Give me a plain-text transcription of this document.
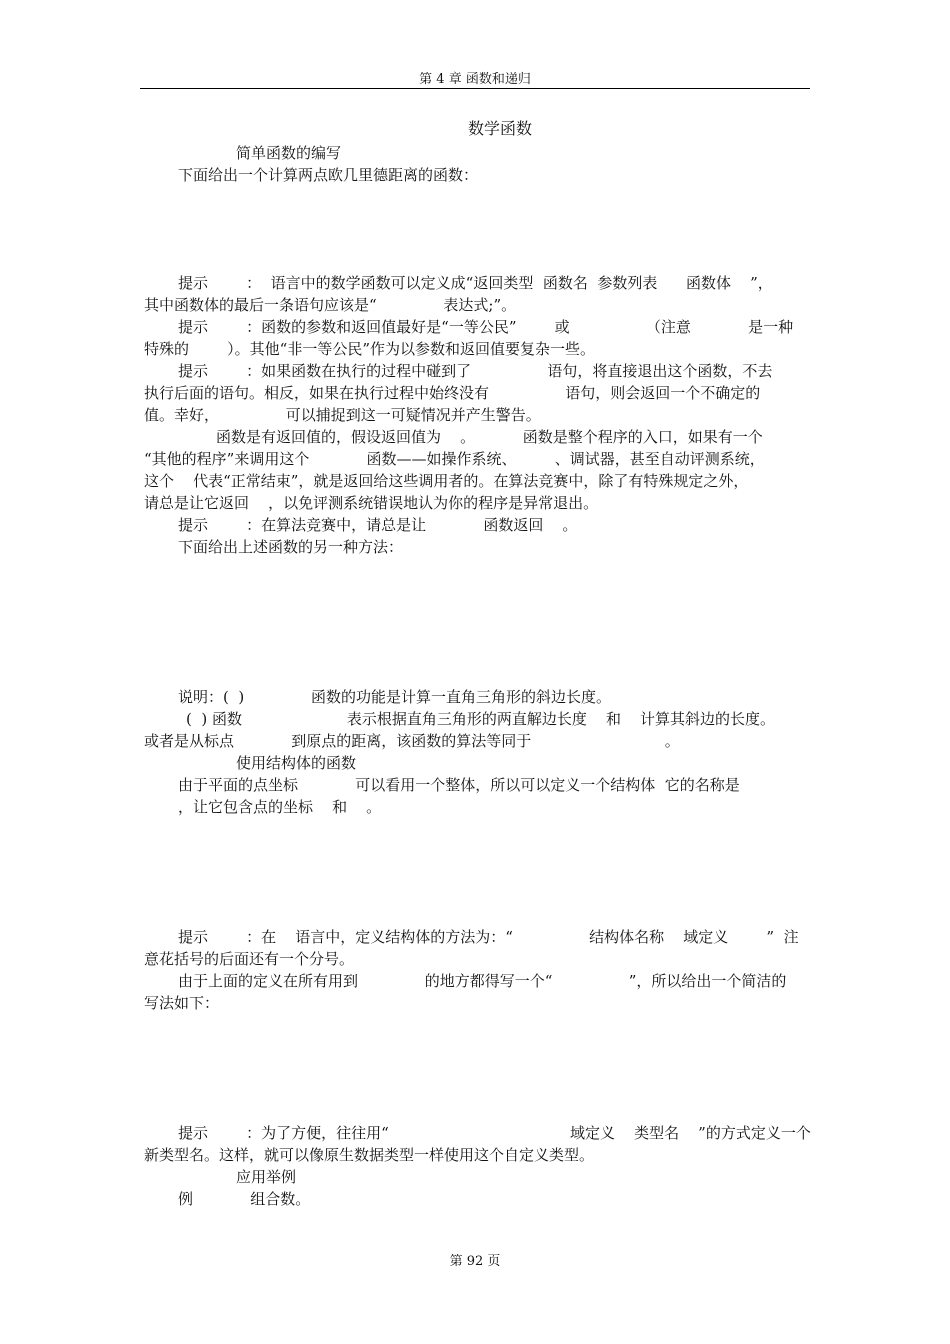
第 4 章 函数和递归
数学函数
简单函数的编写
下面给出一个计算两点欧几里德距离的函数：
提示        ：  语言中的数学函数可以定义成“返回类型  函数名  参数列表      函数体    ”，
其中函数体的最后一条语句应该是“              表达式;”。
提示        ：函数的参数和返回值最好是“一等公民”        或                （注意            是一种
特殊的        ）。其他“非一等公民”作为以参数和返回值要复杂一些。
提示        ：如果函数在执行的过程中碰到了                语句，将直接退出这个函数，不去
执行后面的语句。相反，如果在执行过程中始终没有                语句，则会返回一个不确定的
值。幸好，              可以捕捉到这一可疑情况并产生警告。
函数是有返回值的，假设返回值为    。          函数是整个程序的入口，如果有一个
“其他的程序”来调用这个            函数——如操作系统、        、调试器，甚至自动评测系统，
这个    代表“正常结束”，就是返回给这些调用者的。在算法竞赛中，除了有特殊规定之外，
请总是让它返回    ，以免评测系统错误地认为你的程序是异常退出。
提示        ：在算法竞赛中，请总是让            函数返回    。
下面给出上述函数的另一种方法：
说明：(  )              函数的功能是计算一直角三角形的斜边长度。
(  ) 函数                      表示根据直角三角形的两直解边长度    和    计算其斜边的长度。
或者是从标点            到原点的距离，该函数的算法等同于                            。
使用结构体的函数
由于平面的点坐标            可以看用一个整体，所以可以定义一个结构体  它的名称是
，让它包含点的坐标    和    。
提示        ：在    语言中，定义结构体的方法为：“                结构体名称    域定义        ”  注
意花括号的后面还有一个分号。
由于上面的定义在所有用到              的地方都得写一个“                ”，所以给出一个简洁的
写法如下：
提示        ：为了方便，往往用“                                      域定义    类型名    ”的方式定义一个
新类型名。这样，就可以像原生数据类型一样使用这个自定义类型。
应用举例
例            组合数。
第 92 页
